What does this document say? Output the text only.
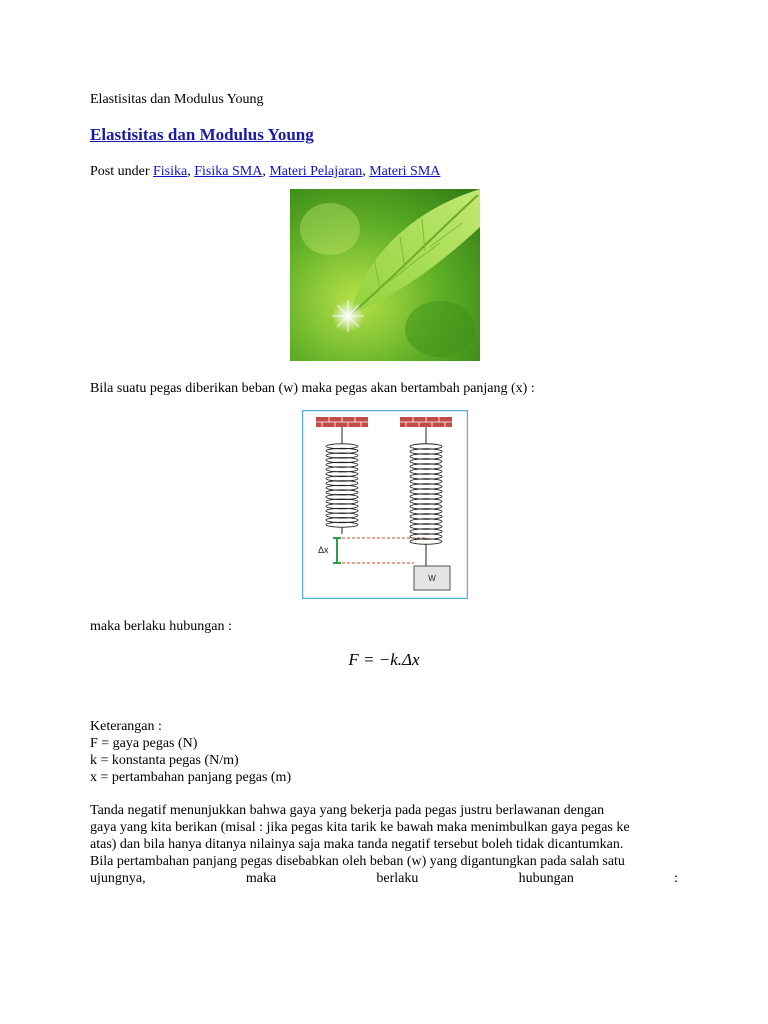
Elastisitas dan Modulus Young
Elastisitas dan Modulus Young
Post under Fisika, Fisika SMA, Materi Pelajaran, Materi SMA
Bila suatu pegas diberikan beban (w) maka pegas akan bertambah panjang (x) :
Δx
W
maka berlaku hubungan :
F = −k.Δx
Keterangan :
F = gaya pegas (N)
k = konstanta pegas (N/m)
x = pertambahan panjang pegas (m)
Tanda negatif menunjukkan bahwa gaya yang bekerja pada pegas justru berlawanan dengan
gaya yang kita berikan (misal : jika pegas kita tarik ke bawah maka menimbulkan gaya pegas ke
atas) dan bila hanya ditanya nilainya saja maka tanda negatif tersebut boleh tidak dicantumkan.
Bila pertambahan panjang pegas disebabkan oleh beban (w) yang digantungkan pada salah satu
ujungnya,	maka	berlaku	hubungan	:
